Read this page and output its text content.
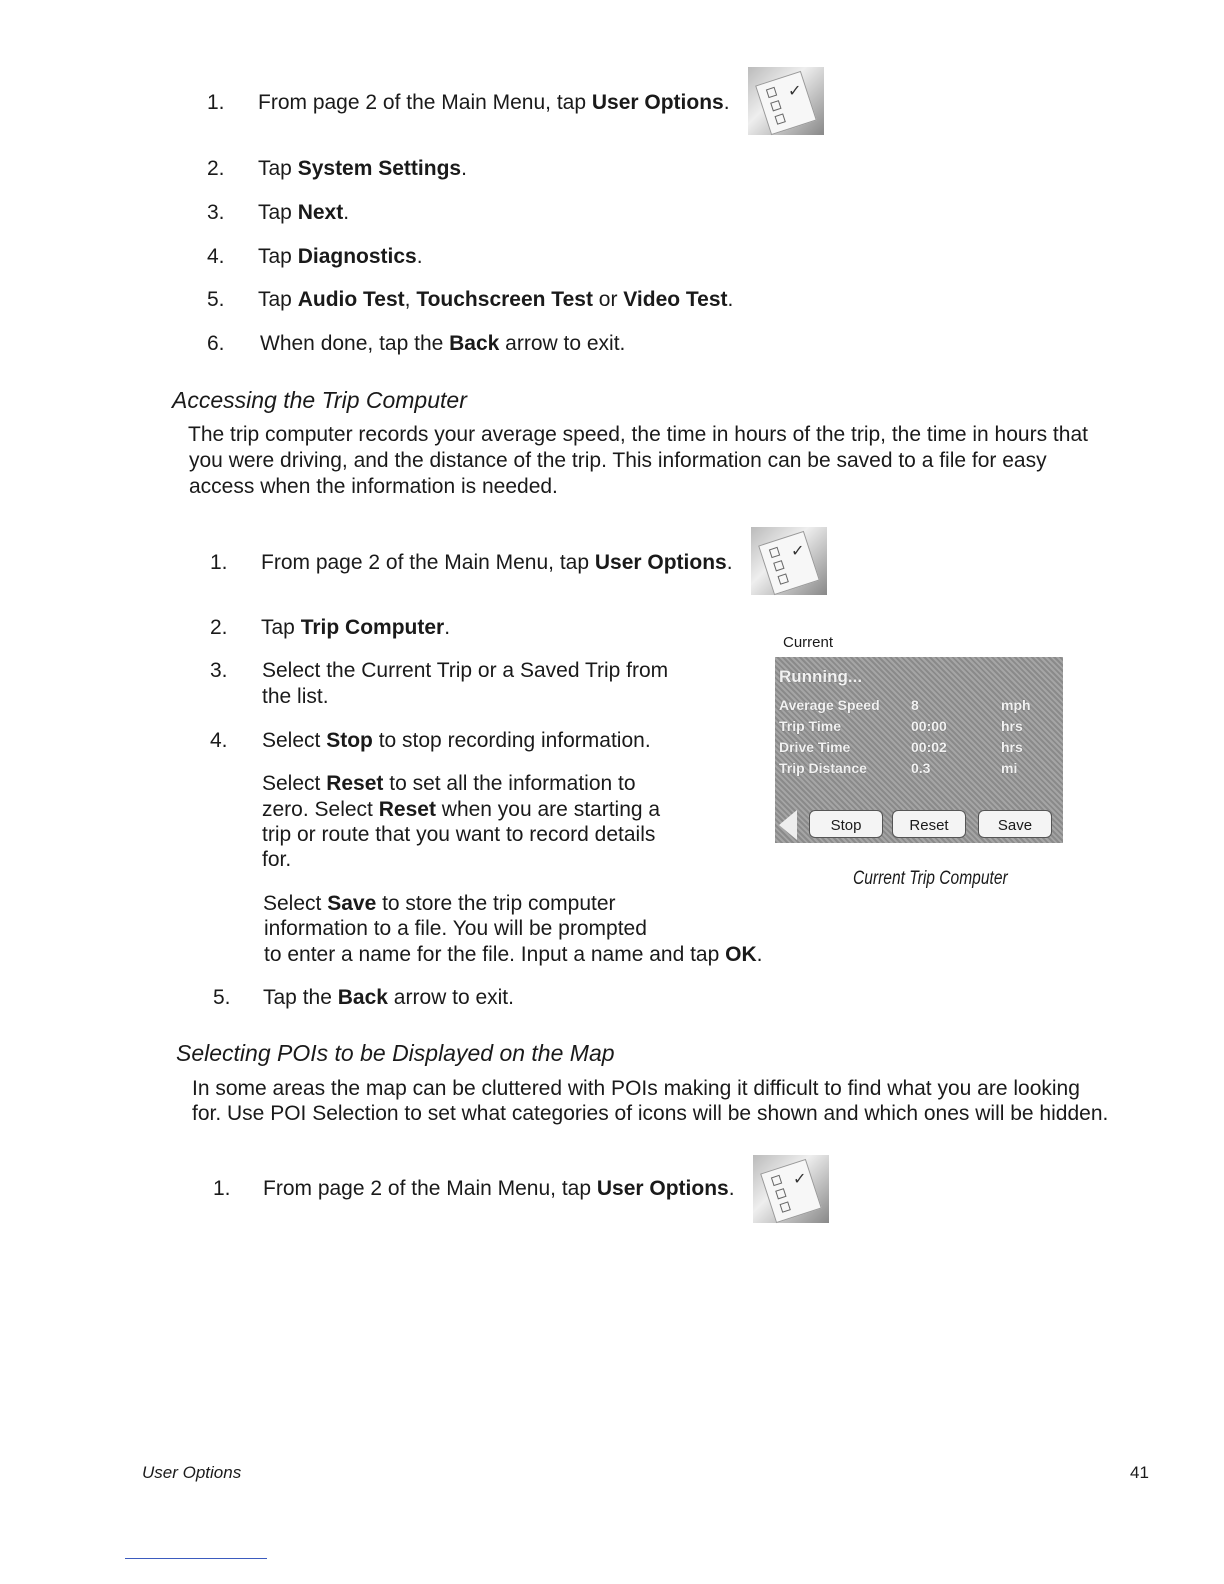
1. From page 2 of the Main Menu, tap User Options.
2. Tap System Settings.
3. Tap Next.
4. Tap Diagnostics.
5. Tap Audio Test, Touchscreen Test or Video Test.
6. When done, tap the Back arrow to exit.
Accessing the Trip Computer
The trip computer records your average speed, the time in hours of the trip, the time in hours that
you were driving, and the distance of the trip. This information can be saved to a file for easy
access when the information is needed.
1. From page 2 of the Main Menu, tap User Options.
2. Tap Trip Computer.
3. Select the Current Trip or a Saved Trip from
the list.
4. Select Stop to stop recording information.
Select Reset to set all the information to
zero. Select Reset when you are starting a
trip or route that you want to record details
for.
Select Save to store the trip computer
information to a file. You will be prompted
to enter a name for the file. Input a name and tap OK.
5. Tap the Back arrow to exit.
Current
Running...
Average Speed 8	mph
Trip Time	00:00	hrs
Drive Time	00:02	hrs
Trip Distance	0.3	mi
Stop	Reset	Save
Current Trip Computer
Selecting POIs to be Displayed on the Map
In some areas the map can be cluttered with POIs making it difficult to find what you are looking
for. Use POI Selection to set what categories of icons will be shown and which ones will be hidden.
1. From page 2 of the Main Menu, tap User Options.
✓
✓
✓
User Options	41
